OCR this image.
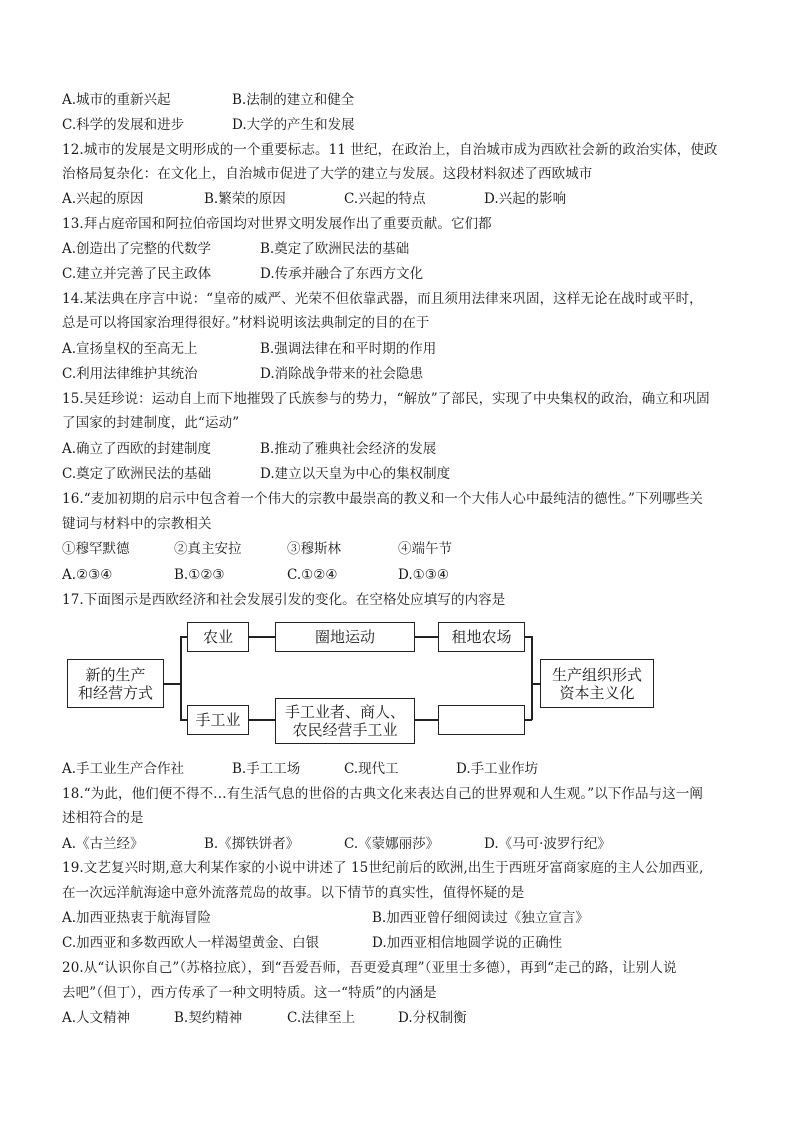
A.城市的重新兴起	B.法制的建立和健全
C.科学的发展和进步	D.大学的产生和发展
12.城市的发展是文明形成的一个重要标志。11 世纪，在政治上，自治城市成为西欧社会新的政治实体，使政
治格局复杂化：在文化上，自治城市促进了大学的建立与发展。这段材料叙述了西欧城市
A.兴起的原因	B.繁荣的原因	C.兴起的特点	D.兴起的影响
13.拜占庭帝国和阿拉伯帝国均对世界文明发展作出了重要贡献。它们都
A.创造出了完整的代数学	B.奠定了欧洲民法的基础
C.建立并完善了民主政体	D.传承并融合了东西方文化
14.某法典在序言中说：“皇帝的威严、光荣不但依靠武器，而且须用法律来巩固，这样无论在战时或平时，
总是可以将国家治理得很好。”材料说明该法典制定的目的在于
A.宣扬皇权的至高无上	B.强调法律在和平时期的作用
C.利用法律维护其统治	D.消除战争带来的社会隐患
15.吴廷珍说：运动自上而下地摧毁了氏族参与的势力，“解放”了部民，实现了中央集权的政治，确立和巩固
了国家的封建制度，此“运动”
A.确立了西欧的封建制度	B.推动了雅典社会经济的发展
C.奠定了欧洲民法的基础	D.建立以天皇为中心的集权制度
16.“麦加初期的启示中包含着一个伟大的宗教中最崇高的教义和一个大伟人心中最纯洁的德性。”下列哪些关
键词与材料中的宗教相关
①穆罕默德	②真主安拉	③穆斯林	④端午节
A.②③④	B.①②③	C.①②④	D.①③④
17.下面图示是西欧经济和社会发展引发的变化。在空格处应填写的内容是
新的生产
和经营方式
农业	圈地运动	租地农场
手工业	手工业者、商人、
农民经营手工业
生产组织形式
资本主义化
A.手工业生产合作社	B.手工工场	C.现代工	D.手工业作坊
18.“为此，他们便不得不…有生活气息的世俗的古典文化来表达自己的世界观和人生观。”以下作品与这一阐
述相符合的是
A.《古兰经》	B.《掷铁饼者》	C.《蒙娜丽莎》	D.《马可·波罗行纪》
19.文艺复兴时期,意大利某作家的小说中讲述了 15世纪前后的欧洲,出生于西班牙富商家庭的主人公加西亚,
在一次远洋航海途中意外流落荒岛的故事。以下情节的真实性，值得怀疑的是
A.加西亚热衷于航海冒险	B.加西亚曾仔细阅读过《独立宣言》
C.加西亚和多数西欧人一样渴望黄金、白银	D.加西亚相信地圆学说的正确性
20.从“认识你自己”（苏格拉底），到“吾爱吾师，吾更爱真理”（亚里士多德），再到“走己的路，让别人说
去吧”（但丁），西方传承了一种文明特质。这一“特质”的内涵是
A.人文精神	B.契约精神	C.法律至上	D.分权制衡
